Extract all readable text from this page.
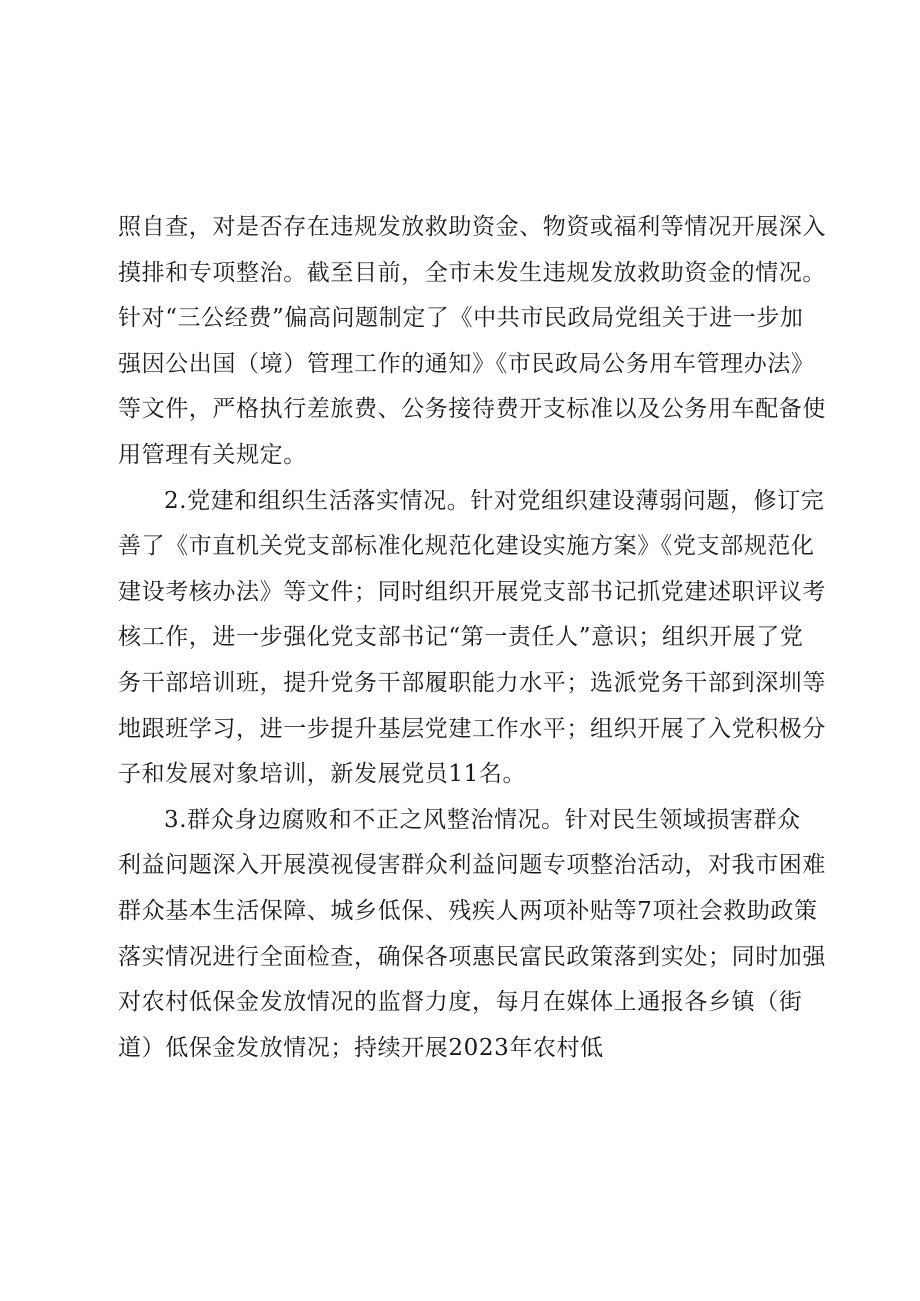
照自查，对是否存在违规发放救助资金、物资或福利等情况开展深入
摸排和专项整治。截至目前，全市未发生违规发放救助资金的情况。
针对“三公经费”偏高问题制定了《中共市民政局党组关于进一步加
强因公出国（境）管理工作的通知》《市民政局公务用车管理办法》
等文件，严格执行差旅费、公务接待费开支标准以及公务用车配备使
用管理有关规定。
2.党建和组织生活落实情况。针对党组织建设薄弱问题，修订完
善了《市直机关党支部标准化规范化建设实施方案》《党支部规范化
建设考核办法》等文件；同时组织开展党支部书记抓党建述职评议考
核工作，进一步强化党支部书记“第一责任人”意识；组织开展了党
务干部培训班，提升党务干部履职能力水平；选派党务干部到深圳等
地跟班学习，进一步提升基层党建工作水平；组织开展了入党积极分
子和发展对象培训，新发展党员11名。
3.群众身边腐败和不正之风整治情况。针对民生领域损害群众
利益问题深入开展漠视侵害群众利益问题专项整治活动，对我市困难
群众基本生活保障、城乡低保、残疾人两项补贴等7项社会救助政策
落实情况进行全面检查，确保各项惠民富民政策落到实处；同时加强
对农村低保金发放情况的监督力度，每月在媒体上通报各乡镇（街
道）低保金发放情况；持续开展2023年农村低
